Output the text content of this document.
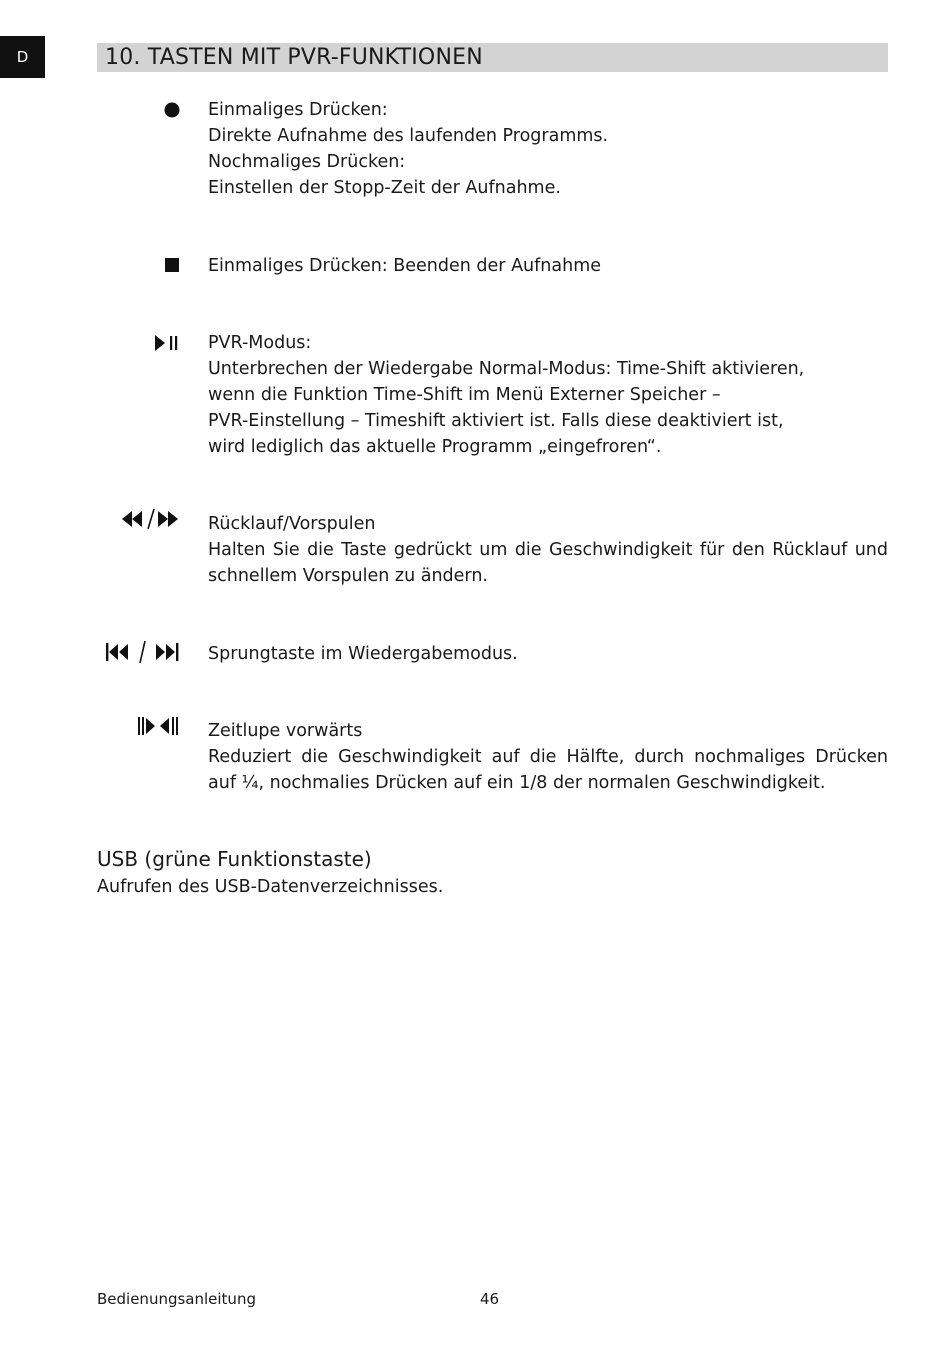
D	10. TASTEN MIT PVR-FUNKTIONEN
Einmaliges Drücken:
Direkte Aufnahme des laufenden Programms.
Nochmaliges Drücken:
Einstellen der Stopp-Zeit der Aufnahme.
Einmaliges Drücken: Beenden der Aufnahme
PVR-Modus:
Unterbrechen der Wiedergabe Normal-Modus: Time-Shift aktivieren,
wenn die Funktion Time-Shift im Menü Externer Speicher –
PVR-Einstellung – Timeshift aktiviert ist. Falls diese deaktiviert ist,
wird lediglich das aktuelle Programm „eingefroren“.
Rücklauf/Vorspulen
Halten Sie die Taste gedrückt um die Geschwindigkeit für den Rücklauf und
schnellem Vorspulen zu ändern.
Sprungtaste im Wiedergabemodus.
Zeitlupe vorwärts
Reduziert die Geschwindigkeit auf die Hälfte, durch nochmaliges Drücken
auf ¼, nochmalies Drücken auf ein 1/8 der normalen Geschwindigkeit.
USB (grüne Funktionstaste)
Aufrufen des USB-Datenverzeichnisses.
Bedienungsanleitung	46
